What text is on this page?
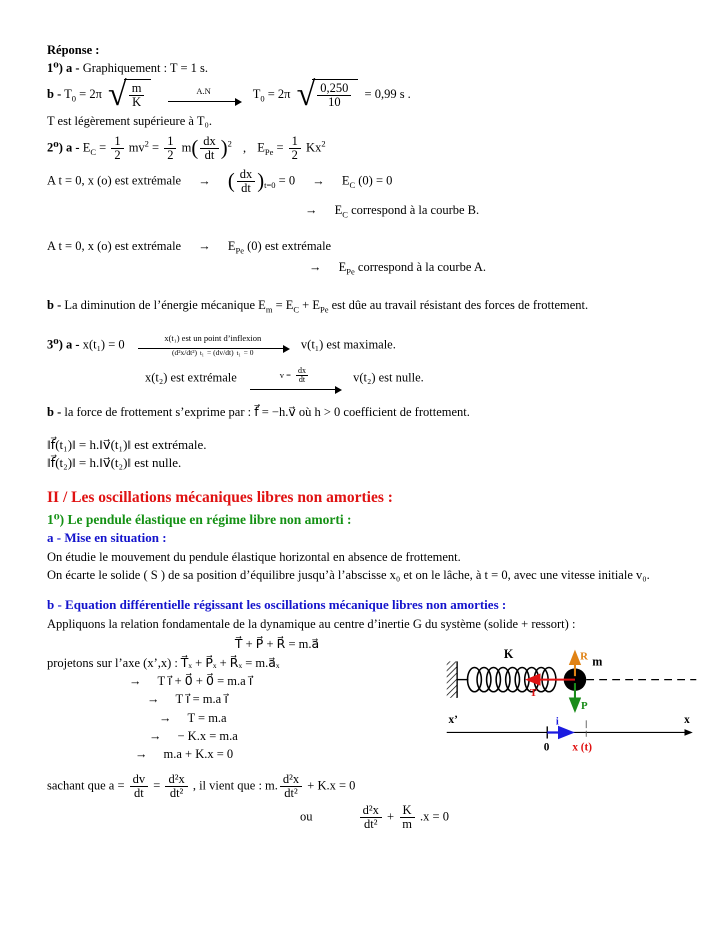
Réponse :
1⁰) a - Graphiquement : T = 1 s.
$b - T_0 = 2\pi$ √ $\frac{m}{K}$
	A.N	$T_0 = 2\pi$ √ $\frac{0,250}{10} = 0,99$ s .
T est légèrement supérieure à T₀.
2⁰) $a - E_C = \frac{1}{2} mv^2 = \frac{1}{2} m( \frac{dx}{dt} )^2$ , $E_{Pe} = \frac{1}{2} Kx^2$
A t = 0, x (o) est extrémale → ( $\frac{dx}{dt} )_{t=0} = 0 \to E_C$ (0) = 0
→ $E_C$ correspond à la courbe B.
A t = 0, x (o) est extrémale → $E_{Pe}$ (0) est extrémale
→ $E_{Pe}$ correspond à la courbe A.
b - La diminution de l’énergie mécanique $E_m = E_C + E_{Pe}$ est dûe au travail résistant des forces de frottement.
3⁰) a - x(t₁) = 0	x(t₁) est un point d’inflexion
(d²x/dt²) t₁ = (dv/dt) t₁ = 0
v(t₁) est maximale.
x(t₂) est extrémale	$v = \frac{dx}{dt}$	v(t₂) est nulle.
b - la force de frottement s’exprime par : f⃗ = −h.v⃗ où h > 0 coefficient de frottement.
‖f⃗(t₁)‖ = h.‖v⃗(t₁)‖ est extrémale.
‖f⃗(t₂)‖ = h.‖v⃗(t₂)‖ est nulle.
II / Les oscillations mécaniques libres non amorties :
1⁰) Le pendule élastique en régime libre non amorti :
a - Mise en situation :
On étudie le mouvement du pendule élastique horizontal en absence de frottement.
On écarte le solide ( S ) de sa position d’équilibre jusqu’à l’abscisse x₀ et on le lâche, à t = 0, avec une vitesse initiale v₀.
b - Equation différentielle régissant les oscillations mécanique libres non amorties :
Appliquons la relation fondamentale de la dynamique au centre d’inertie G du système (solide + ressort) :
T⃗ + P⃗ + R⃗ = m.a⃗
projetons sur l’axe (x’,x) : T⃗ₓ + P⃗ₓ + R⃗ₓ = m.a⃗ₓ
→ T i⃗ + 0⃗ + 0⃗ = m.a i⃗
→ T i⃗ = m.a i⃗
→ T = m.a
→ − K.x = m.a
→ m.a + K.x = 0
K
m
R⃗
T⃗
P⃗
x’	x
0
i⃗
x (t)
sachant que $a = \frac{dv}{dt} = \frac{\text{d²x}}{\text{dt²}}$ , il vient que : m. $\frac{\text{d²x}}{\text{dt²}} + K.x = 0$
ou	$\frac{\text{d²x}}{\text{dt²}} + \frac{K}{m} .x = 0$
